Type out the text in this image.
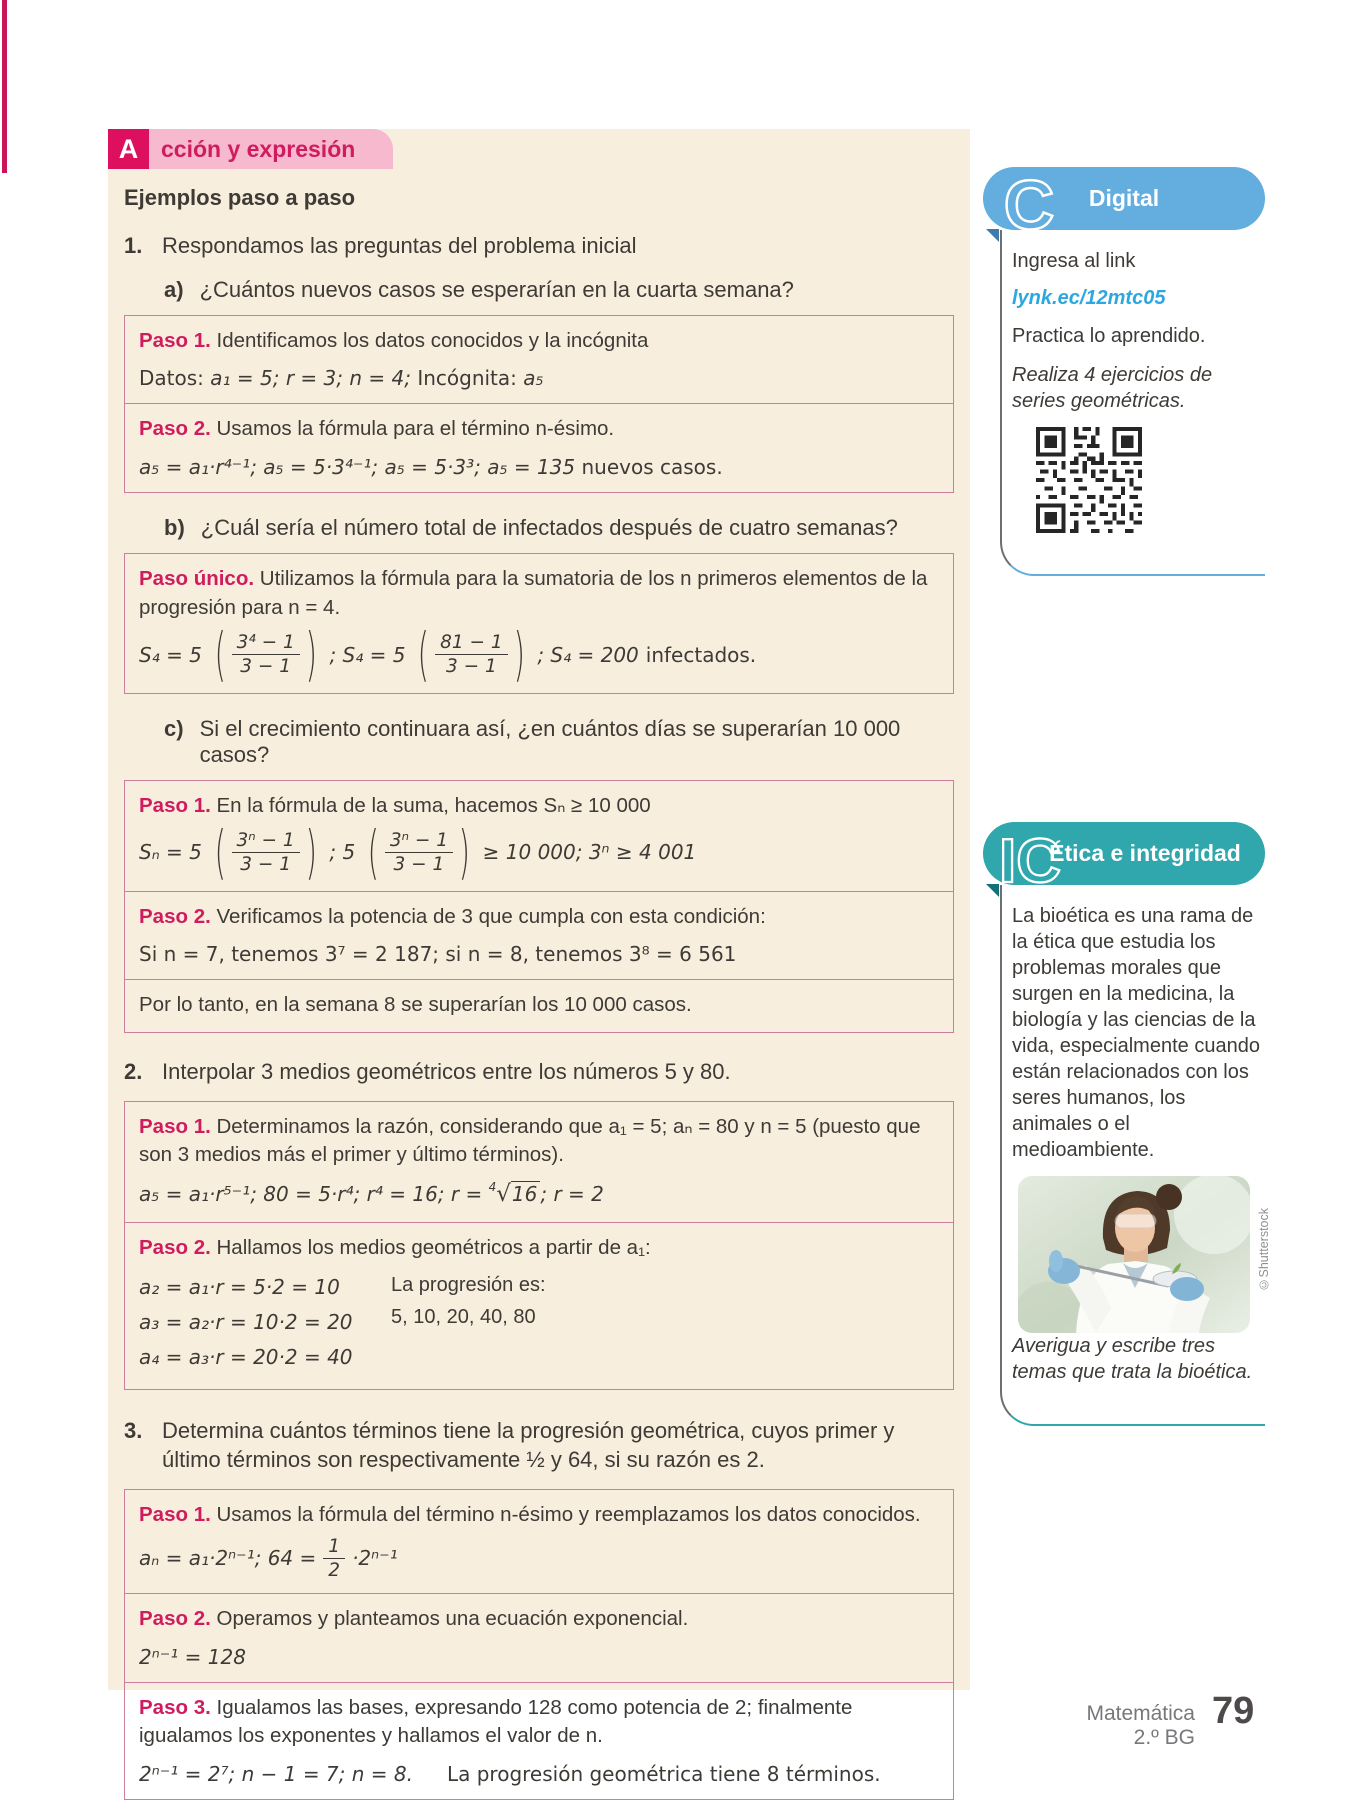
A cción y expresión

Ejemplos paso a paso

1. Respondamos las preguntas del problema inicial
a) ¿Cuántos nuevos casos se esperarían en la cuarta semana?

Paso 1. Identificamos los datos conocidos y la incógnita

Datos: a₁ = 5; r = 3; n = 4; Incógnita: a₅

Paso 2. Usamos la fórmula para el término n-ésimo.

a₅ = a₁·r⁴⁻¹; a₅ = 5·3⁴⁻¹; a₅ = 5·3³; a₅ = 135 nuevos casos.

b) ¿Cuál sería el número total de infectados después de cuatro semanas?

Paso único. Utilizamos la fórmula para la sumatoria de los n primeros elementos de la progresión para n = 4.

S₄ = 5 ( $\frac{\text{3⁴ − 1}}{3 - 1}$
) ; S₄ = 5 ( $\frac{81 - 1}{3 - 1}$
) ; S₄ = 200 infectados.
c) Si el crecimiento continuara así, ¿en cuántos días se superarían 10 000 casos?

Paso 1. En la fórmula de la suma, hacemos Sₙ ≥ 10 000

Sₙ = 5 ( $\frac{\text{3ⁿ − 1}}{3 - 1}$
) ; 5 ( $\frac{\text{3ⁿ − 1}}{3 - 1}$
) ≥ 10 000; 3ⁿ ≥ 4 001

Paso 2. Verificamos la potencia de 3 que cumpla con esta condición:

Si n = 7, tenemos 3⁷ = 2 187; si n = 8, tenemos 3⁸ = 6 561

Por lo tanto, en la semana 8 se superarían los 10 000 casos.

2. Interpolar 3 medios geométricos entre los números 5 y 80.

Paso 1. Determinamos la razón, considerando que a₁ = 5; aₙ = 80 y n = 5 (puesto que son 3 medios más el primer y último términos).

a₅ = a₁·r⁵⁻¹; 80 = 5·r⁴; r⁴ = 16; r = $^4$√16 ; r = 2

Paso 2. Hallamos los medios geométricos a partir de a₁:

a₂ = a₁·r = 5·2 = 10

a₃ = a₂·r = 10·2 = 20

a₄ = a₃·r = 20·2 = 40

La progresión es:

5, 10, 20, 40, 80

3. Determina cuántos términos tiene la progresión geométrica, cuyos primer y último términos son respectivamente ½ y 64, si su razón es 2.

Paso 1. Usamos la fórmula del término n-ésimo y reemplazamos los datos conocidos.

aₙ = a₁·2ⁿ⁻¹; $64 = \frac{1}{2} \cdot 2^{n-1}$

Paso 2. Operamos y planteamos una ecuación exponencial.

2ⁿ⁻¹ = 128

Paso 3. Igualamos las bases, expresando 128 como potencia de 2; finalmente igualamos los exponentes y hallamos el valor de n.

2ⁿ⁻¹ = 2⁷; n − 1 = 7; n = 8. La progresión geométrica tiene 8 términos.

Digital
C

Ingresa al link

lynk.ec/12mtc05

Practica lo aprendido.

Realiza 4 ejercicios de series geométricas.

Ética e integridad
IC

La bioética es una rama de la ética que estudia los problemas morales que surgen en la medicina, la biología y las ciencias de la vida, especialmente cuando están relacionados con los seres humanos, los animales o el medioambiente.

©Shutterstock

Averigua y escribe tres temas que trata la bioética.

Matemática
2.º BG
79
